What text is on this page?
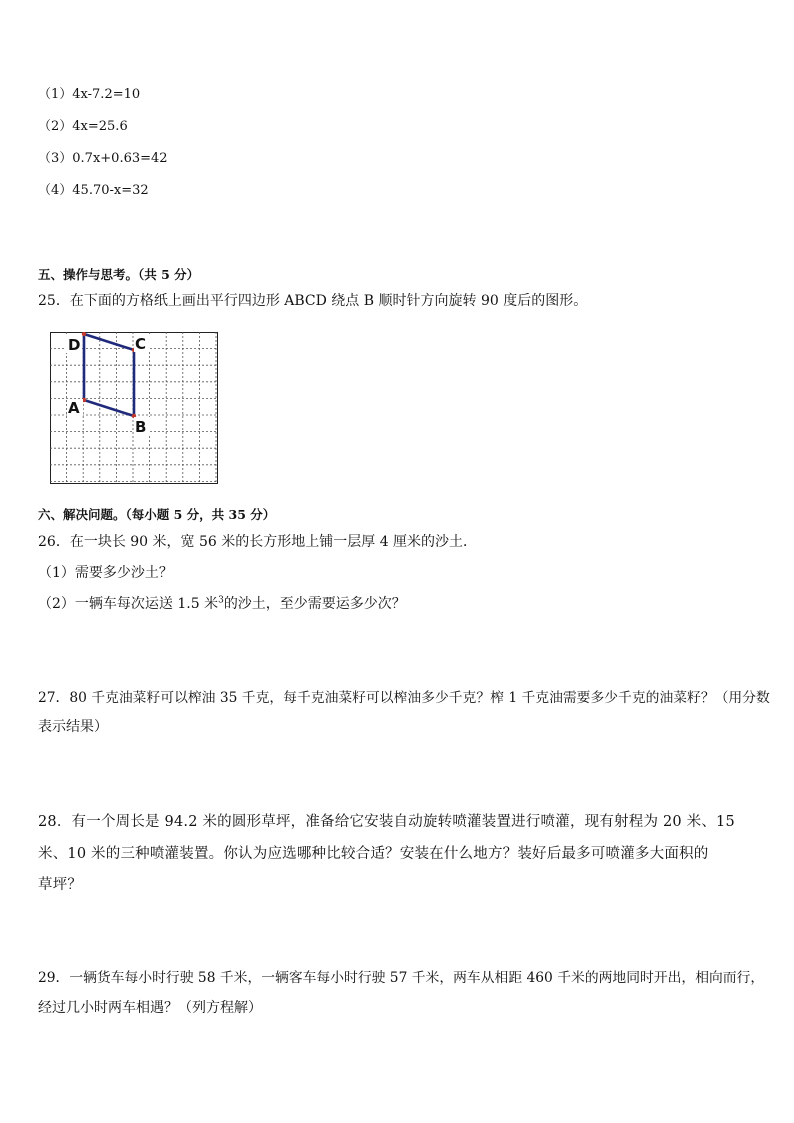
（1）4x-7.2=10
（2）4x=25.6
（3）0.7x+0.63=42
（4）45.70-x=32
五、操作与思考。（共 5 分）
25．在下面的方格纸上画出平行四边形 ABCD 绕点 B 顺时针方向旋转 90 度后的图形。
D	C
A
B
六、解决问题。（每小题 5 分，共 35 分）
26．在一块长 90 米，宽 56 米的长方形地上铺一层厚 4 厘米的沙土．
（1）需要多少沙土？
（2）一辆车每次运送 1.5 米$^3$的沙土，至少需要运多少次？
27．80 千克油菜籽可以榨油 35 千克，每千克油菜籽可以榨油多少千克？榨 1 千克油需要多少千克的油菜籽？（用分数
表示结果）
28．有一个周长是 94.2 米的圆形草坪，准备给它安装自动旋转喷灌装置进行喷灌，现有射程为 20 米、15
米、10 米的三种喷灌装置。你认为应选哪种比较合适？安装在什么地方？装好后最多可喷灌多大面积的
草坪？
29．一辆货车每小时行驶 58 千米，一辆客车每小时行驶 57 千米，两车从相距 460 千米的两地同时开出，相向而行，
经过几小时两车相遇？（列方程解）
